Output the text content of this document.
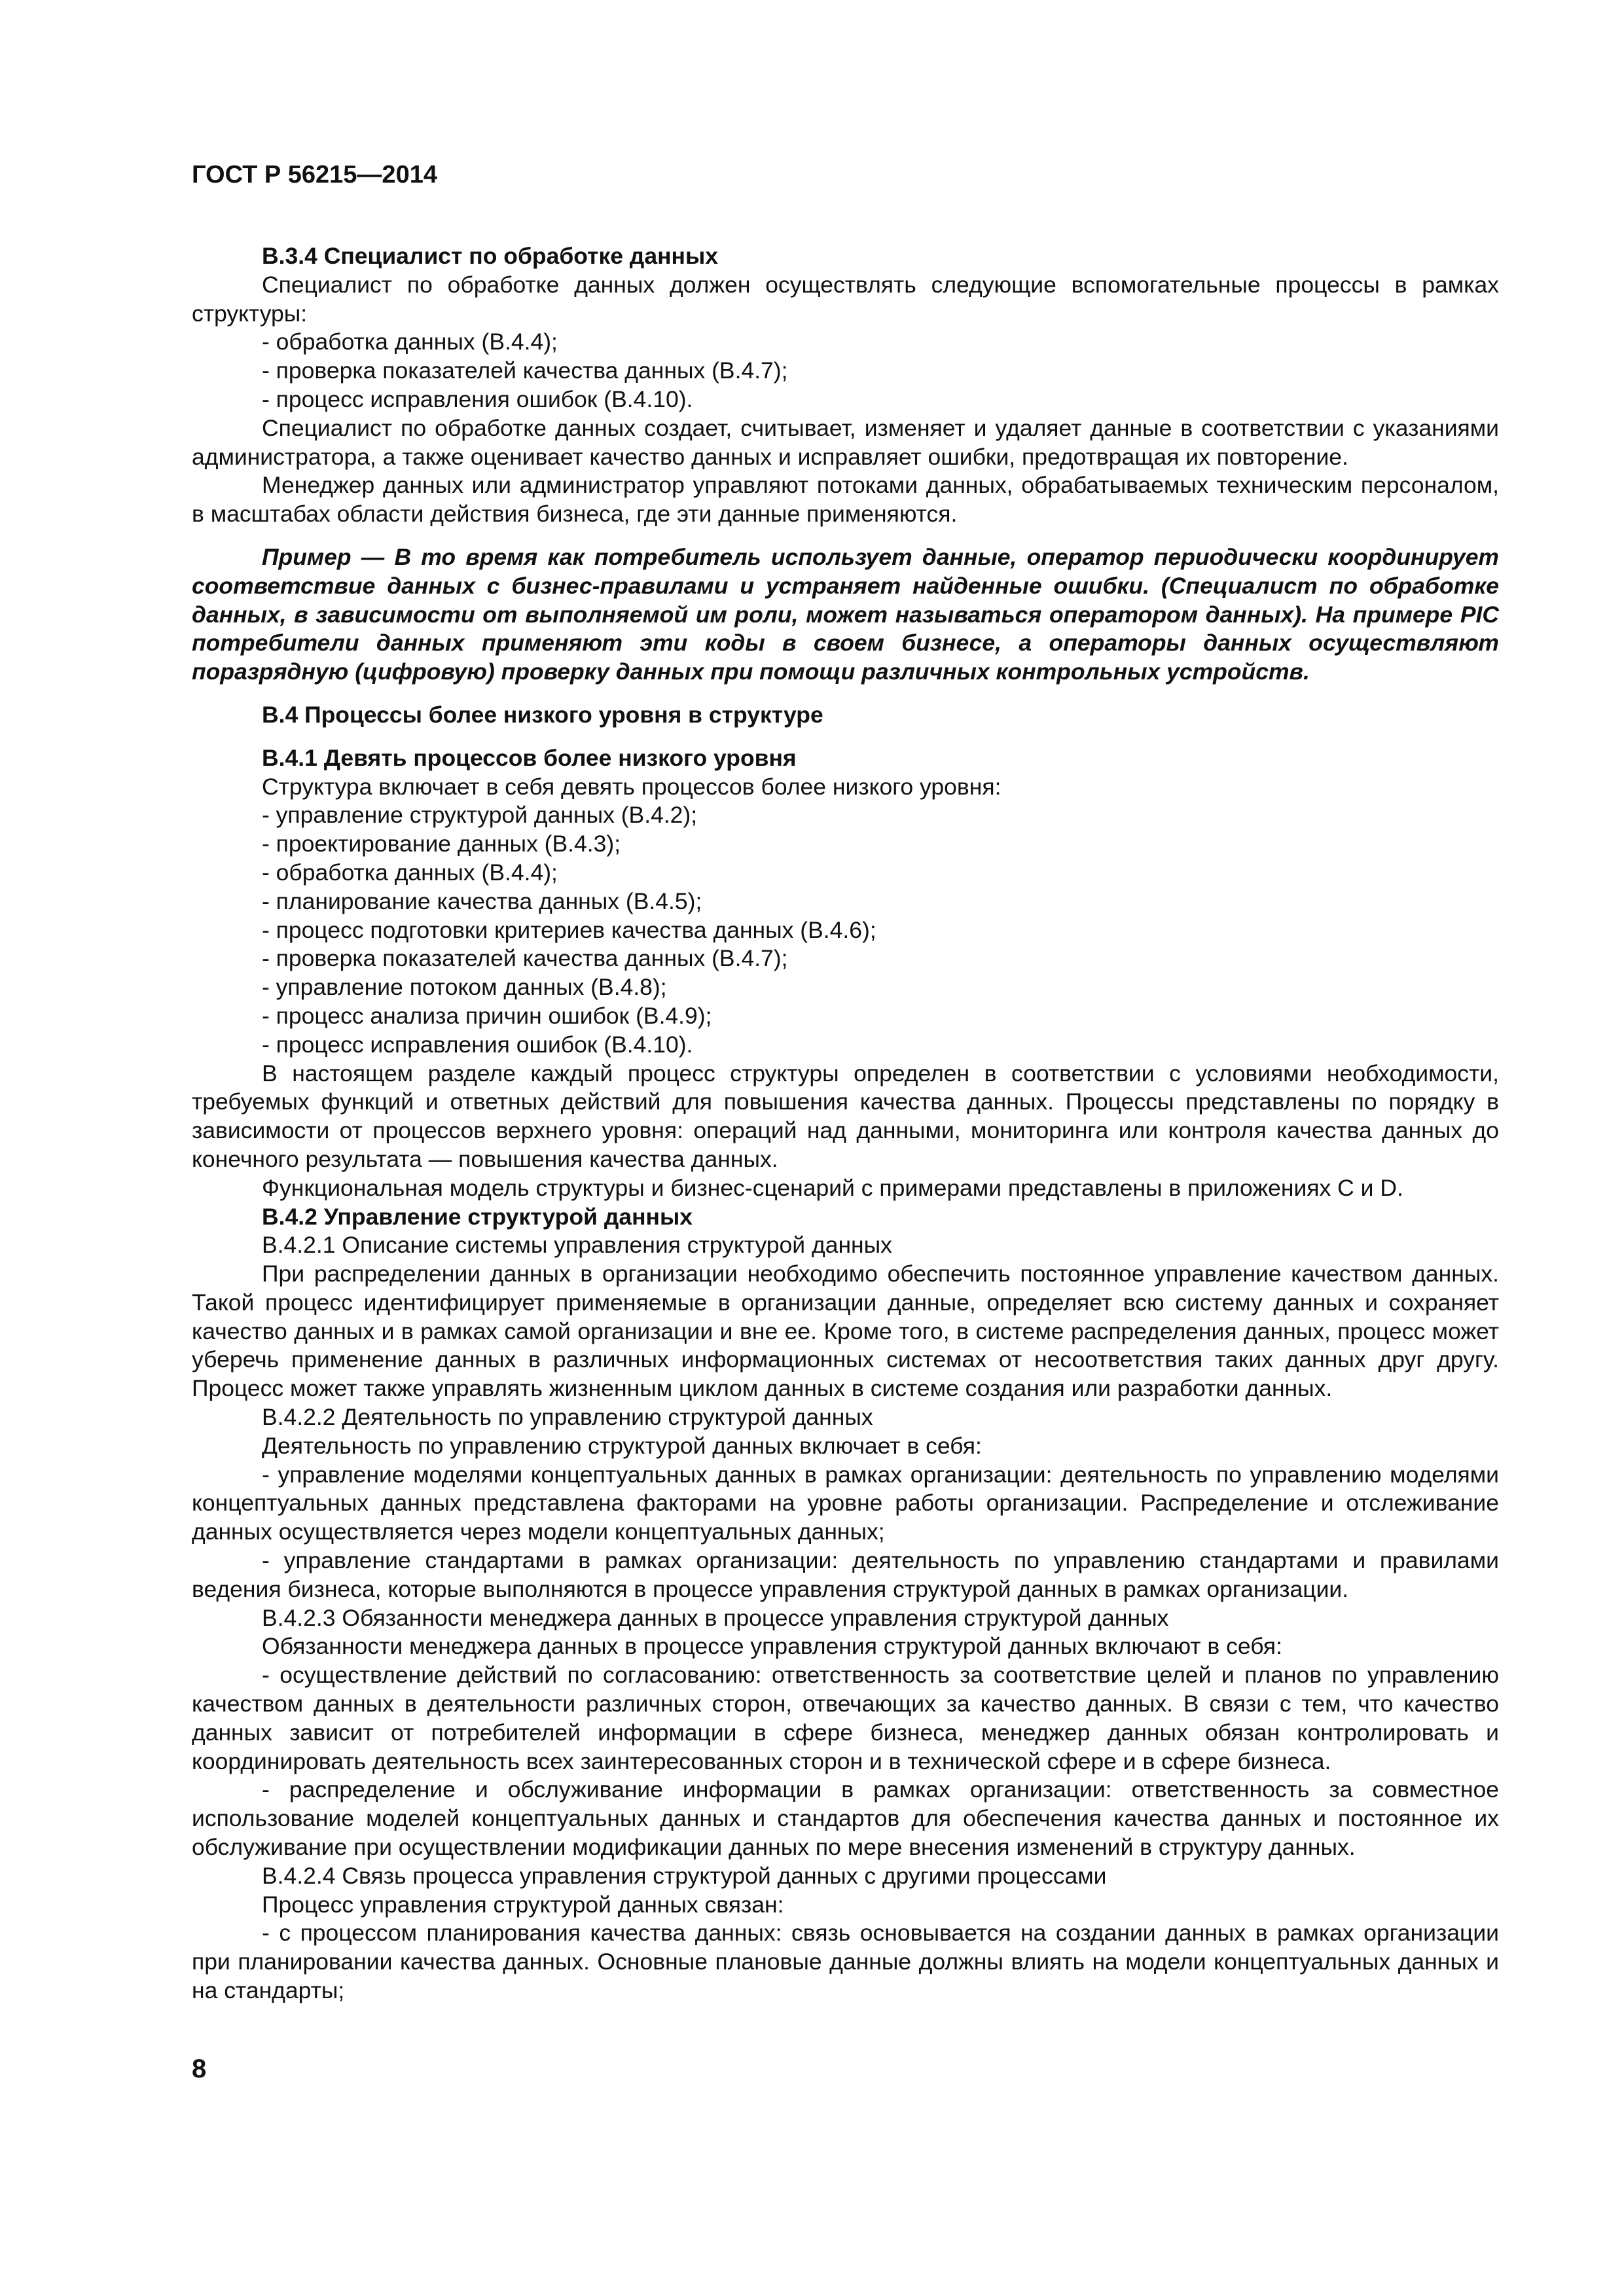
ГОСТ Р 56215—2014

В.3.4 Специалист по обработке данных

Специалист по обработке данных должен осуществлять следующие вспомогательные процессы в рамках структуры:

- обработка данных (В.4.4);

- проверка показателей качества данных (В.4.7);

- процесс исправления ошибок (В.4.10).

Специалист по обработке данных создает, считывает, изменяет и удаляет данные в соответствии с указаниями администратора, а также оценивает качество данных и исправляет ошибки, предотвращая их повторение.

Менеджер данных или администратор управляют потоками данных, обрабатываемых техническим персоналом, в масштабах области действия бизнеса, где эти данные применяются.

Пример — В то время как потребитель использует данные, оператор периодически координирует соответствие данных с бизнес-правилами и устраняет найденные ошибки. (Специалист по обработке данных, в зависимости от выполняемой им роли, может называться оператором данных). На примере PIC потребители данных применяют эти коды в своем бизнесе, а операторы данных осуществляют поразрядную (цифровую) проверку данных при помощи различных контрольных устройств.

В.4 Процессы более низкого уровня в структуре

В.4.1 Девять процессов более низкого уровня

Структура включает в себя девять процессов более низкого уровня:

- управление структурой данных (В.4.2);

- проектирование данных (В.4.3);

- обработка данных (В.4.4);

- планирование качества данных (В.4.5);

- процесс подготовки критериев качества данных (В.4.6);

- проверка показателей качества данных (В.4.7);

- управление потоком данных (В.4.8);

- процесс анализа причин ошибок (В.4.9);

- процесс исправления ошибок (В.4.10).

В настоящем разделе каждый процесс структуры определен в соответствии с условиями необходимости, требуемых функций и ответных действий для повышения качества данных. Процессы представлены по порядку в зависимости от процессов верхнего уровня: операций над данными, мониторинга или контроля качества данных до конечного результата — повышения качества данных.

Функциональная модель структуры и бизнес-сценарий с примерами представлены в приложениях С и D.

В.4.2 Управление структурой данных

В.4.2.1 Описание системы управления структурой данных

При распределении данных в организации необходимо обеспечить постоянное управление качеством данных. Такой процесс идентифицирует применяемые в организации данные, определяет всю систему данных и сохраняет качество данных и в рамках самой организации и вне ее. Кроме того, в системе распределения данных, процесс может уберечь применение данных в различных информационных системах от несоответствия таких данных друг другу. Процесс может также управлять жизненным циклом данных в системе создания или разработки данных.

В.4.2.2 Деятельность по управлению структурой данных

Деятельность по управлению структурой данных включает в себя:

- управление моделями концептуальных данных в рамках организации: деятельность по управлению моделями концептуальных данных представлена факторами на уровне работы организации. Распределение и отслеживание данных осуществляется через модели концептуальных данных;

- управление стандартами в рамках организации: деятельность по управлению стандартами и правилами ведения бизнеса, которые выполняются в процессе управления структурой данных в рамках организации.

В.4.2.3 Обязанности менеджера данных в процессе управления структурой данных

Обязанности менеджера данных в процессе управления структурой данных включают в себя:

- осуществление действий по согласованию: ответственность за соответствие целей и планов по управлению качеством данных в деятельности различных сторон, отвечающих за качество данных. В связи с тем, что качество данных зависит от потребителей информации в сфере бизнеса, менеджер данных обязан контролировать и координировать деятельность всех заинтересованных сторон и в технической сфере и в сфере бизнеса.

- распределение и обслуживание информации в рамках организации: ответственность за совместное использование моделей концептуальных данных и стандартов для обеспечения качества данных и постоянное их обслуживание при осуществлении модификации данных по мере внесения изменений в структуру данных.

В.4.2.4 Связь процесса управления структурой данных с другими процессами

Процесс управления структурой данных связан:

- с процессом планирования качества данных: связь основывается на создании данных в рамках организации при планировании качества данных. Основные плановые данные должны влиять на модели концептуальных данных и на стандарты;

8
